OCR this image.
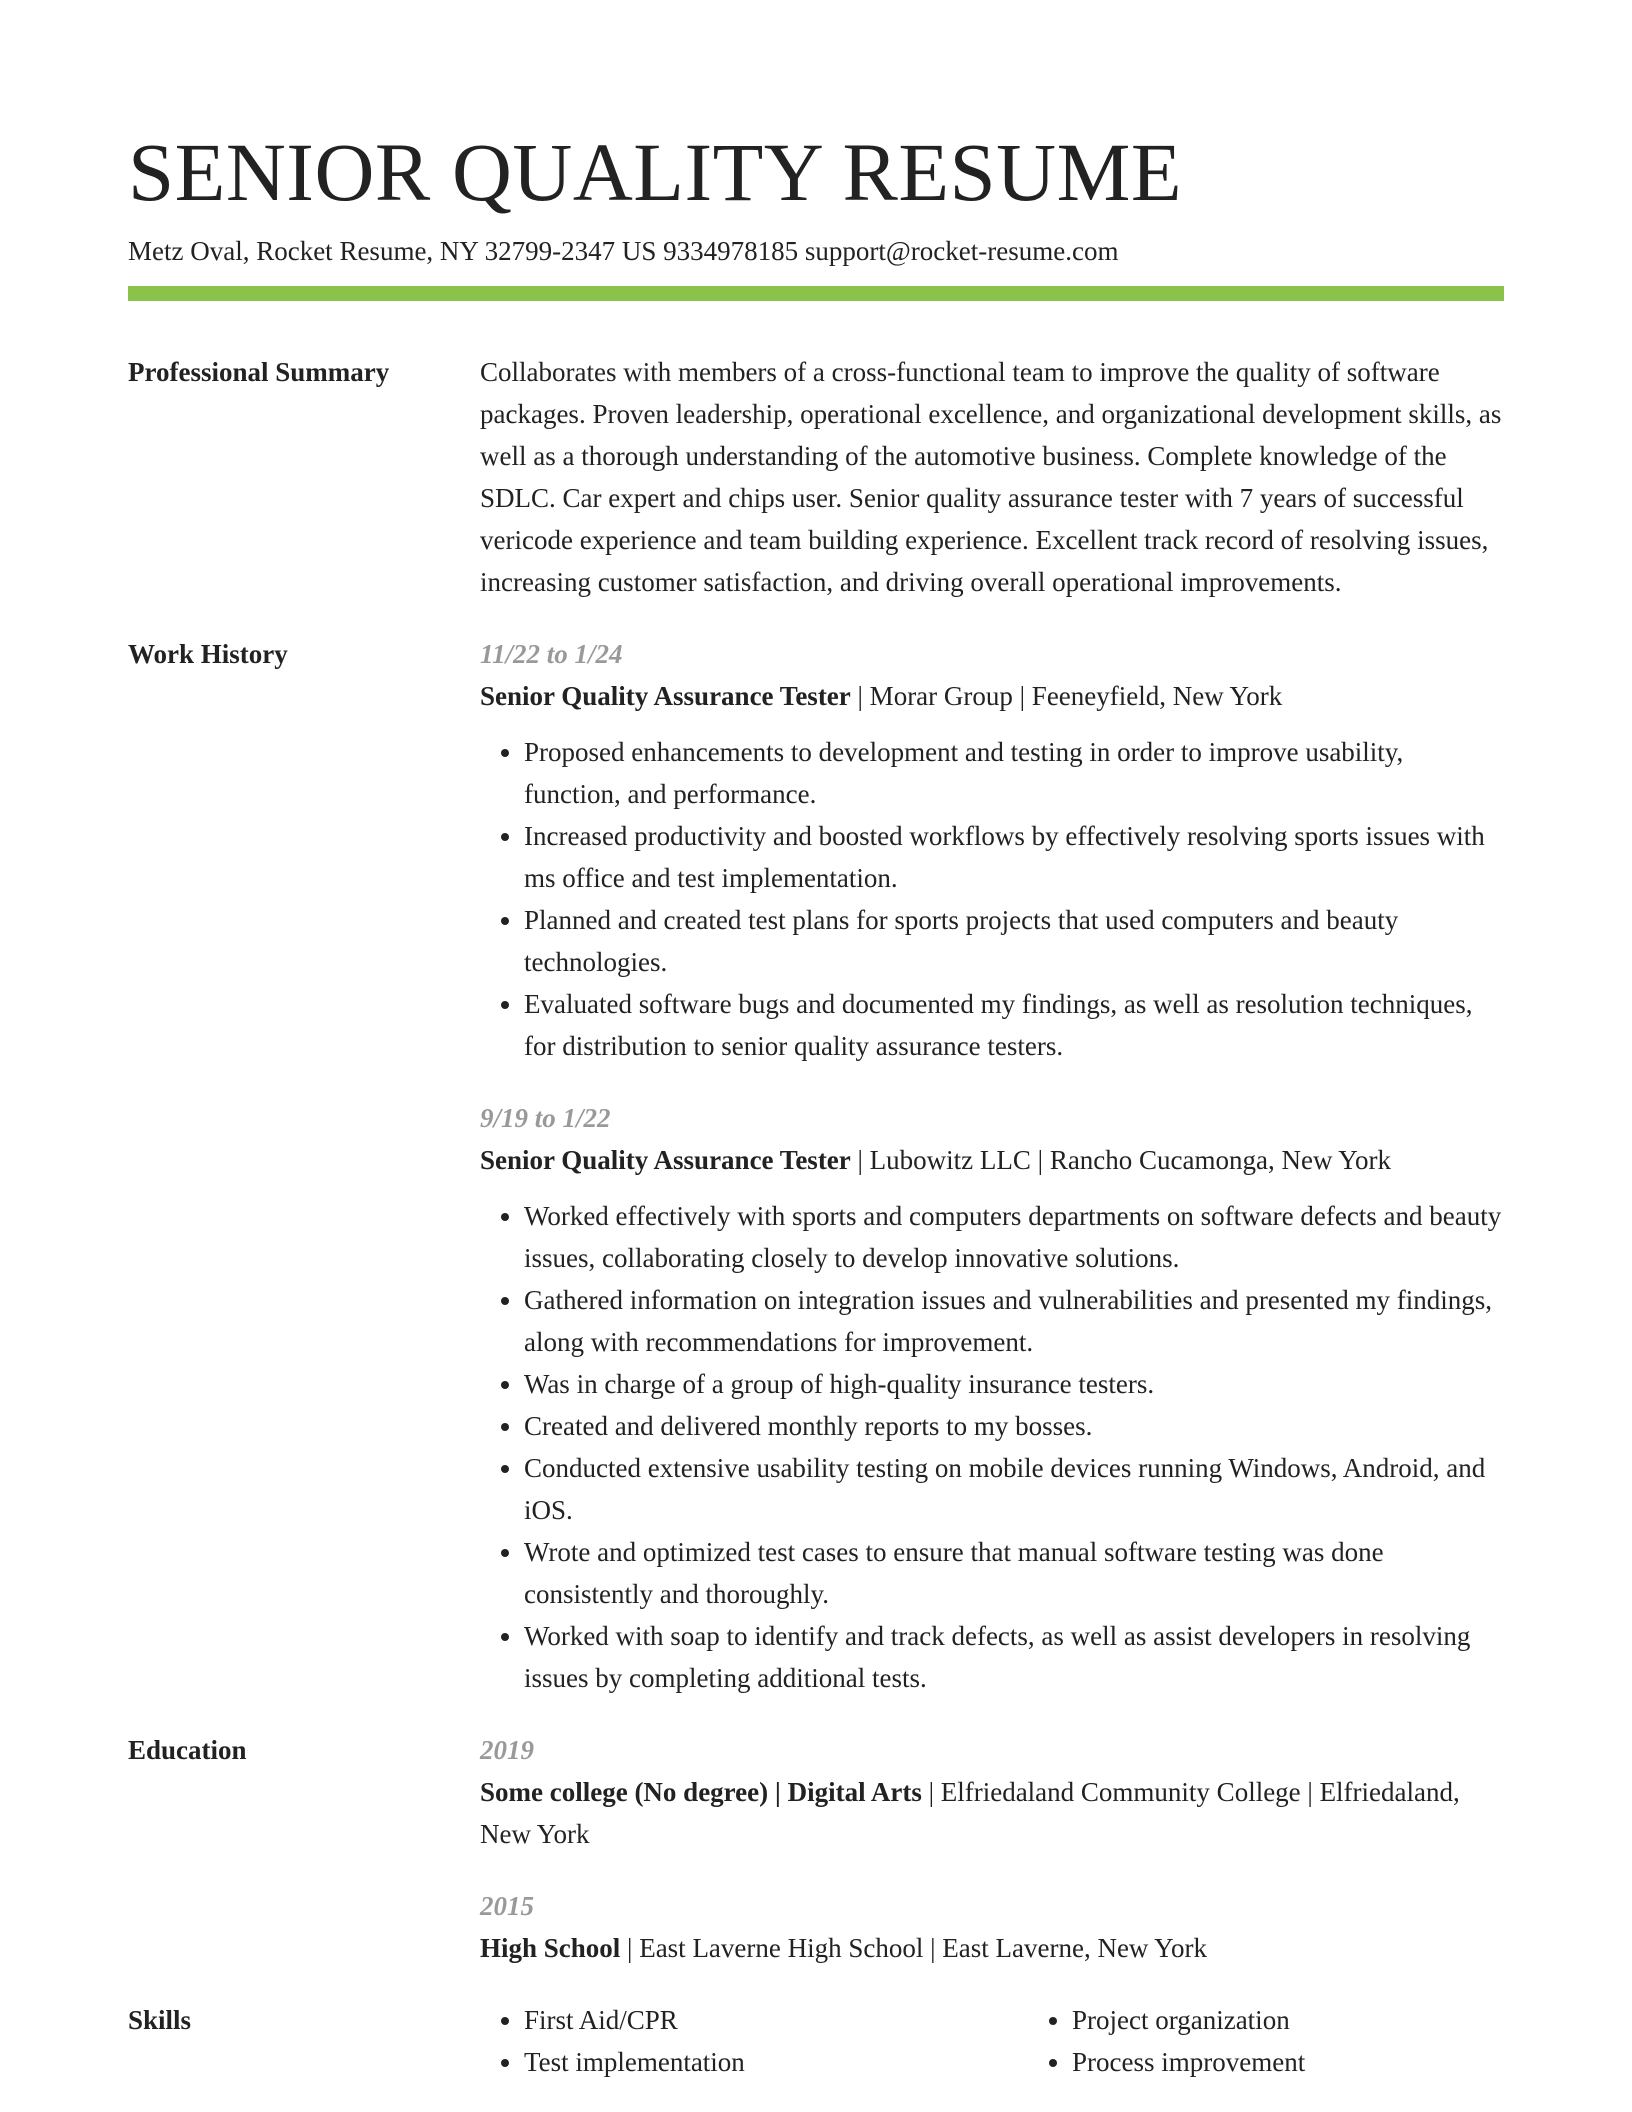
SENIOR QUALITY RESUME
Metz Oval, Rocket Resume, NY 32799-2347 US 9334978185 support@rocket-resume.com
Professional Summary	Collaborates with members of a cross-functional team to improve the quality of software packages. Proven leadership, operational excellence, and organizational development skills, as well as a thorough understanding of the automotive business. Complete knowledge of the SDLC. Car expert and chips user. Senior quality assurance tester with 7 years of successful vericode experience and team building experience. Excellent track record of resolving issues, increasing customer satisfaction, and driving overall operational improvements.

Work History	11/22 to 1/24

Senior Quality Assurance Tester | Morar Group | Feeneyfield, New York

• Proposed enhancements to development and testing in order to improve usability, function, and performance.
• Increased productivity and boosted workflows by effectively resolving sports issues with ms office and test implementation.
• Planned and created test plans for sports projects that used computers and beauty technologies.
• Evaluated software bugs and documented my findings, as well as resolution techniques, for distribution to senior quality assurance testers.

9/19 to 1/22

Senior Quality Assurance Tester | Lubowitz LLC | Rancho Cucamonga, New York

• Worked effectively with sports and computers departments on software defects and beauty issues, collaborating closely to develop innovative solutions.
• Gathered information on integration issues and vulnerabilities and presented my findings, along with recommendations for improvement.
• Was in charge of a group of high-quality insurance testers.
• Created and delivered monthly reports to my bosses.
• Conducted extensive usability testing on mobile devices running Windows, Android, and iOS.
• Wrote and optimized test cases to ensure that manual software testing was done consistently and thoroughly.
• Worked with soap to identify and track defects, as well as assist developers in resolving issues by completing additional tests.
Education	2019

Some college (No degree) | Digital Arts | Elfriedaland Community College | Elfriedaland, New York

2015

High School | East Laverne High School | East Laverne, New York

Skills
•	First Aid/CPR
• Test implementation
• Project organization
• Process improvement
